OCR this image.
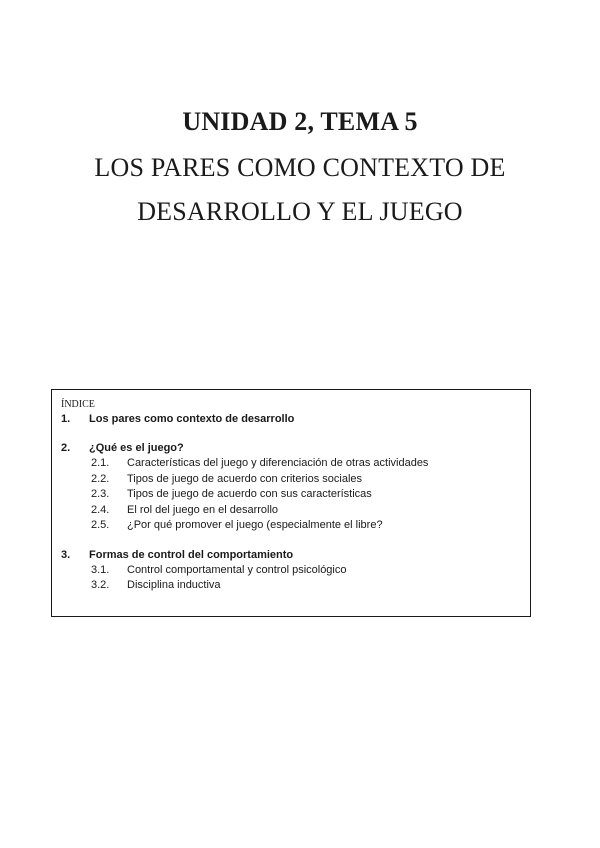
UNIDAD 2, TEMA 5
LOS PARES COMO CONTEXTO DE
DESARROLLO Y EL JUEGO
ÍNDICE
1.	Los pares como contexto de desarrollo
2.	¿Qué es el juego?
2.1.	Características del juego y diferenciación de otras actividades
2.2.	Tipos de juego de acuerdo con criterios sociales
2.3.	Tipos de juego de acuerdo con sus características
2.4.	El rol del juego en el desarrollo
2.5.	¿Por qué promover el juego (especialmente el libre?
3.	Formas de control del comportamiento
3.1.	Control comportamental y control psicológico
3.2.	Disciplina inductiva
